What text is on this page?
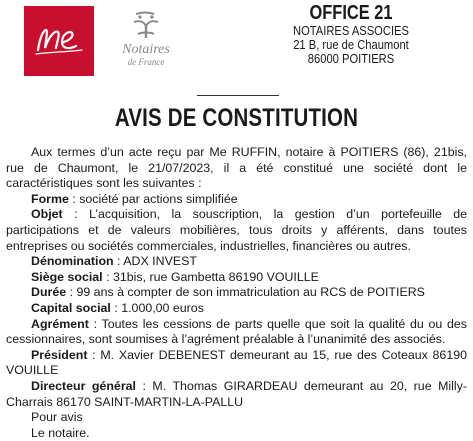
Notaires
de France
OFFICE 21
NOTAIRES ASSOCIES
21 B, rue de Chaumont
86000 POITIERS
AVIS DE CONSTITUTION

Aux termes d’un acte reçu par Me RUFFIN, notaire à POITIERS (86), 21bis, rue de Chaumont, le 21/07/2023, il a été constitué une société dont le caractéristiques sont les suivantes :

Forme : société par actions simplifiée

Objet : L’acquisition, la souscription, la gestion d’un portefeuille de participations et de valeurs mobilières, tous droits y afférents, dans toutes entreprises ou sociétés commerciales, industrielles, financières ou autres.

Dénomination : ADX INVEST

Siège social : 31bis, rue Gambetta 86190 VOUILLE

Durée : 99 ans à compter de son immatriculation au RCS de POITIERS

Capital social : 1.000,00 euros

Agrément : Toutes les cessions de parts quelle que soit la qualité du ou des cessionnaires, sont soumises à l’agrément préalable à l’unanimité des associés.

Président : M. Xavier DEBENEST demeurant au 15, rue des Coteaux 86190 VOUILLE

Directeur général : M. Thomas GIRARDEAU demeurant au 20, rue Milly-Charrais 86170 SAINT-MARTIN-LA-PALLU

Pour avis

Le notaire.
